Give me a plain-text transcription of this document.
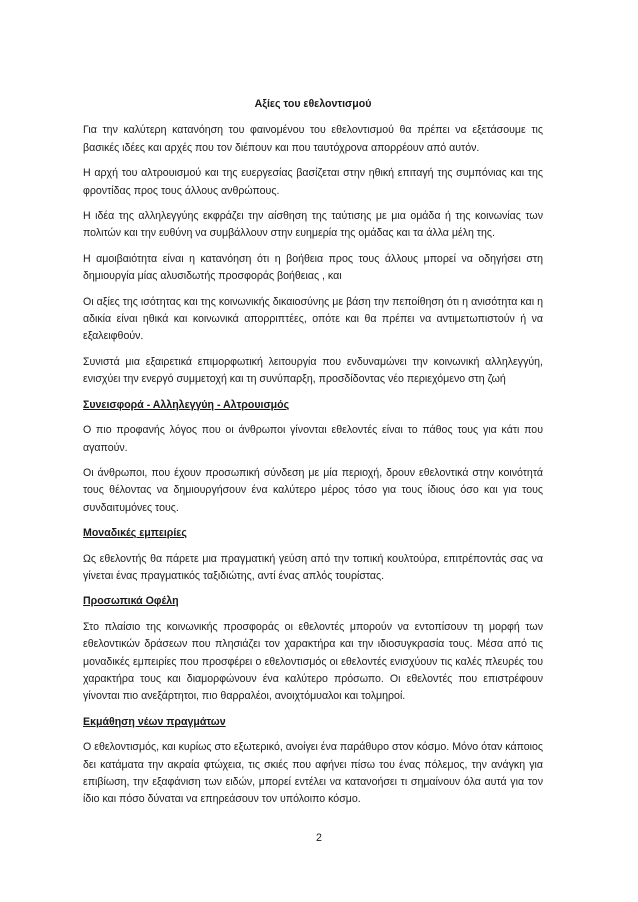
Αξίες του εθελοντισμού

Για την καλύτερη κατανόηση του φαινομένου του εθελοντισμού θα πρέπει να εξετάσουμε τις βασικές ιδέες και αρχές που τον διέπουν και που ταυτόχρονα απορρέουν από αυτόν.

Η αρχή του αλτρουισμού και της ευεργεσίας βασίζεται στην ηθική επιταγή της συμπόνιας και της φροντίδας προς τους άλλους ανθρώπους.

Η ιδέα της αλληλεγγύης εκφράζει την αίσθηση της ταύτισης με μια ομάδα ή της κοινωνίας των πολιτών και την ευθύνη να συμβάλλουν στην ευημερία της ομάδας και τα άλλα μέλη της.

Η αμοιβαιότητα είναι η κατανόηση ότι η βοήθεια προς τους άλλους μπορεί να οδηγήσει στη δημιουργία μίας αλυσιδωτής προσφοράς βοήθειας , και

Οι αξίες της ισότητας και της κοινωνικής δικαιοσύνης με βάση την πεποίθηση ότι η ανισότητα και η αδικία είναι ηθικά και κοινωνικά απορριπτέες, οπότε και θα πρέπει να αντιμετωπιστούν ή να εξαλειφθούν.

Συνιστά μια εξαιρετικά επιμορφωτική λειτουργία που ενδυναμώνει την κοινωνική αλληλεγγύη, ενισχύει την ενεργό συμμετοχή και τη συνύπαρξη, προσδίδοντας νέο περιεχόμενο στη ζωή

Συνεισφορά - Αλληλεγγύη - Αλτρουισμός

Ο πιο προφανής λόγος που οι άνθρωποι γίνονται εθελοντές είναι το πάθος τους για κάτι που αγαπούν.

Οι άνθρωποι, που έχουν προσωπική σύνδεση με μία περιοχή, δρουν εθελοντικά στην κοινότητά τους θέλοντας να δημιουργήσουν ένα καλύτερο μέρος τόσο για τους ίδιους όσο και για τους συνδαιτυμόνες τους.

Μοναδικές εμπειρίες

Ως εθελοντής θα πάρετε μια πραγματική γεύση από την τοπική κουλτούρα, επιτρέποντάς σας να γίνεται ένας πραγματικός ταξιδιώτης, αντί ένας απλός τουρίστας.

Προσωπικά Οφέλη

Στο πλαίσιο της κοινωνικής προσφοράς οι εθελοντές μπορούν να εντοπίσουν τη μορφή των εθελοντικών δράσεων που πλησιάζει τον χαρακτήρα και την ιδιοσυγκρασία τους. Μέσα από τις μοναδικές εμπειρίες που προσφέρει ο εθελοντισμός οι εθελοντές ενισχύουν τις καλές πλευρές του χαρακτήρα τους και διαμορφώνουν ένα καλύτερο πρόσωπο. Οι εθελοντές που επιστρέφουν γίνονται πιο ανεξάρτητοι, πιο θαρραλέοι, ανοιχτόμυαλοι και τολμηροί.

Εκμάθηση νέων πραγμάτων

Ο εθελοντισμός, και κυρίως στο εξωτερικό, ανοίγει ένα παράθυρο στον κόσμο. Μόνο όταν κάποιος δει κατάματα την ακραία φτώχεια, τις σκιές που αφήνει πίσω του ένας πόλεμος, την ανάγκη για επιβίωση, την εξαφάνιση των ειδών, μπορεί εντέλει να κατανοήσει τι σημαίνουν όλα αυτά για τον ίδιο και πόσο δύναται να επηρεάσουν τον υπόλοιπο κόσμο.

2
